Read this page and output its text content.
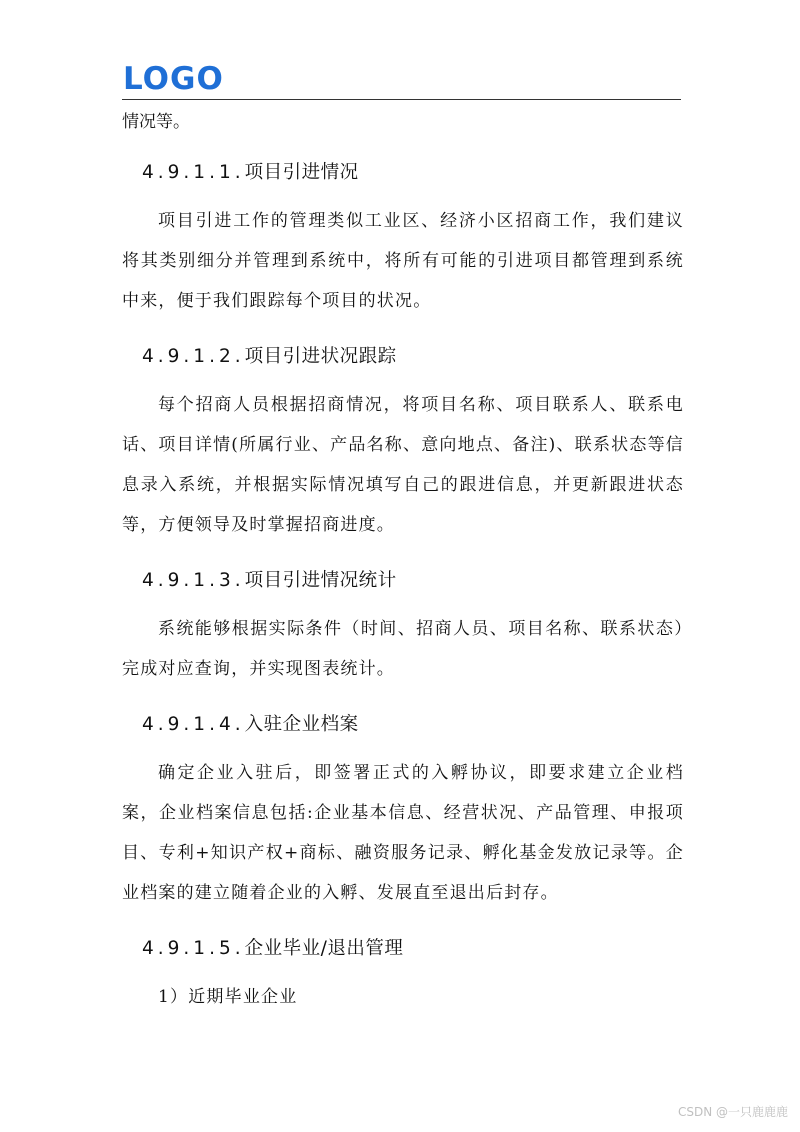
LOGO

情况等。

4.9.1.1.项目引进情况

项目引进工作的管理类似工业区、经济小区招商工作，我们建议将其类别细分并管理到系统中，将所有可能的引进项目都管理到系统中来，便于我们跟踪每个项目的状况。

4.9.1.2.项目引进状况跟踪

每个招商人员根据招商情况，将项目名称、项目联系人、联系电话、项目详情(所属行业、产品名称、意向地点、备注)、联系状态等信息录入系统，并根据实际情况填写自己的跟进信息，并更新跟进状态等，方便领导及时掌握招商进度。

4.9.1.3.项目引进情况统计

系统能够根据实际条件（时间、招商人员、项目名称、联系状态）完成对应查询，并实现图表统计。

4.9.1.4.入驻企业档案

确定企业入驻后，即签署正式的入孵协议，即要求建立企业档案，企业档案信息包括:企业基本信息、经营状况、产品管理、申报项目、专利+知识产权+商标、融资服务记录、孵化基金发放记录等。企业档案的建立随着企业的入孵、发展直至退出后封存。

4.9.1.5.企业毕业/退出管理

1）近期毕业企业

CSDN @一只鹿鹿鹿
